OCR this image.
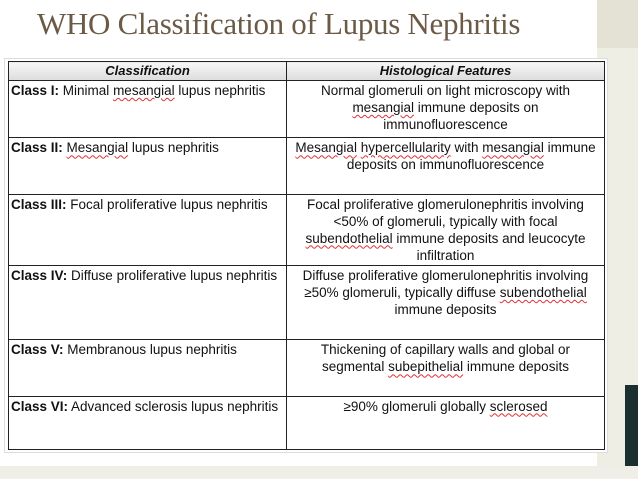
WHO Classification of Lupus Nephritis
Classification	Histological Features
Class I: Minimal mesangial lupus nephritis	Normal glomeruli on light microscopy with mesangial immune deposits on immunofluorescence
Class II: Mesangial lupus nephritis	Mesangial hypercellularity with mesangial immune deposits on immunofluorescence
Class III: Focal proliferative lupus nephritis	Focal proliferative glomerulonephritis involving <50% of glomeruli, typically with focal subendothelial immune deposits and leucocyte infiltration
Class IV: Diffuse proliferative lupus nephritis	Diffuse proliferative glomerulonephritis involving ≥50% glomeruli, typically diffuse subendothelial immune deposits
Class V: Membranous lupus nephritis	Thickening of capillary walls and global or segmental subepithelial immune deposits
Class VI: Advanced sclerosis lupus nephritis	≥90% glomeruli globally sclerosed
